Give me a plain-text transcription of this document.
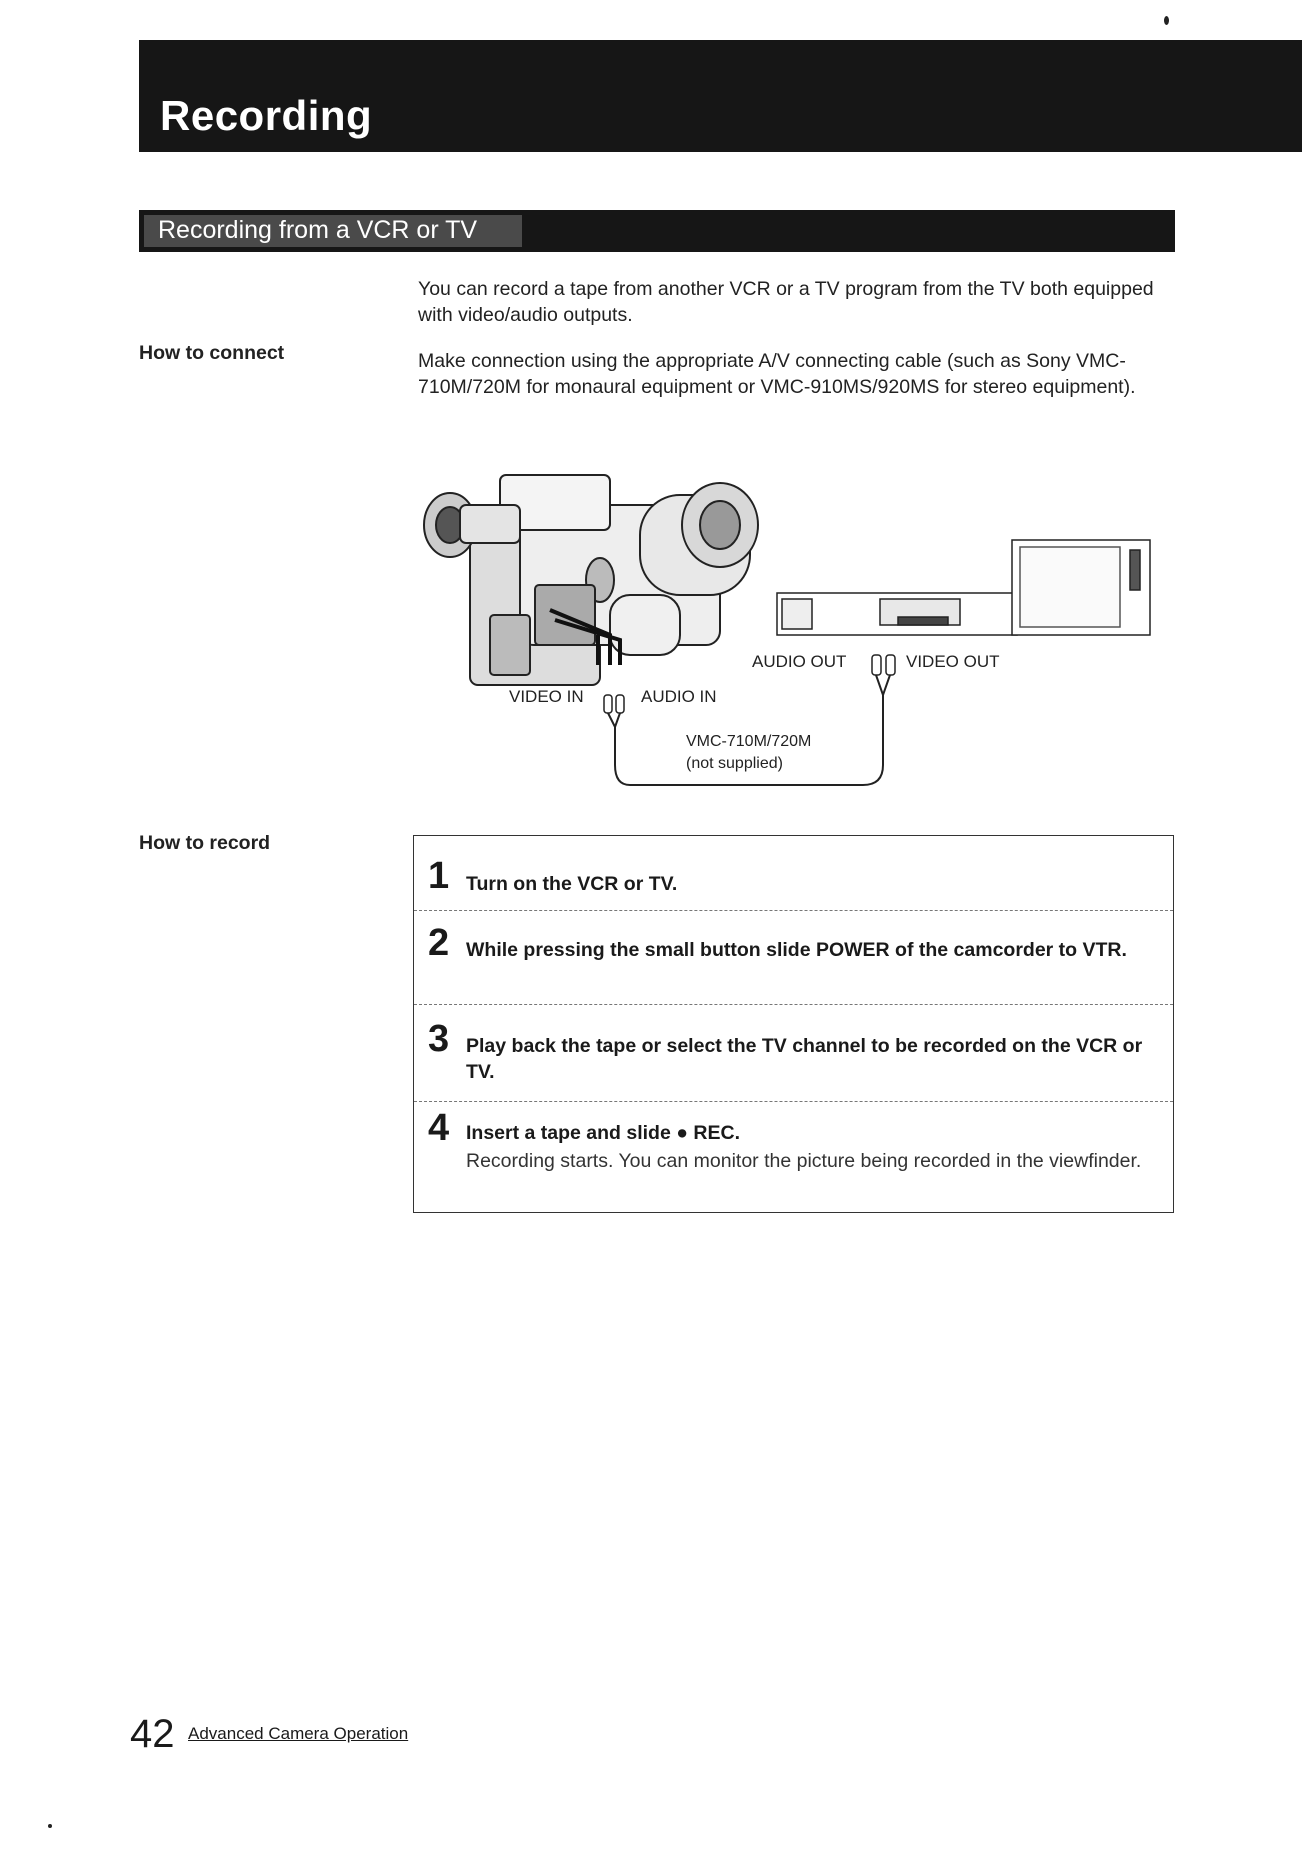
Recording
Recording from a VCR or TV
You can record a tape from another VCR or a TV program from the TV both equipped with video/audio outputs.
How to connect	Make connection using the appropriate A/V connecting cable (such as Sony VMC-710M/720M for monaural equipment or VMC-910MS/920MS for stereo equipment).
AUDIO OUT	VIDEO OUT
VIDEO IN	AUDIO IN
VMC-710M/720M
(not supplied)
How to record
1 Turn on the VCR or TV.
2 While pressing the small button slide POWER of the camcorder to VTR.
3 Play back the tape or select the TV channel to be recorded on the VCR or TV.
4 Insert a tape and slide ● REC.
Recording starts. You can monitor the picture being recorded in the viewfinder.
42 Advanced Camera Operation
